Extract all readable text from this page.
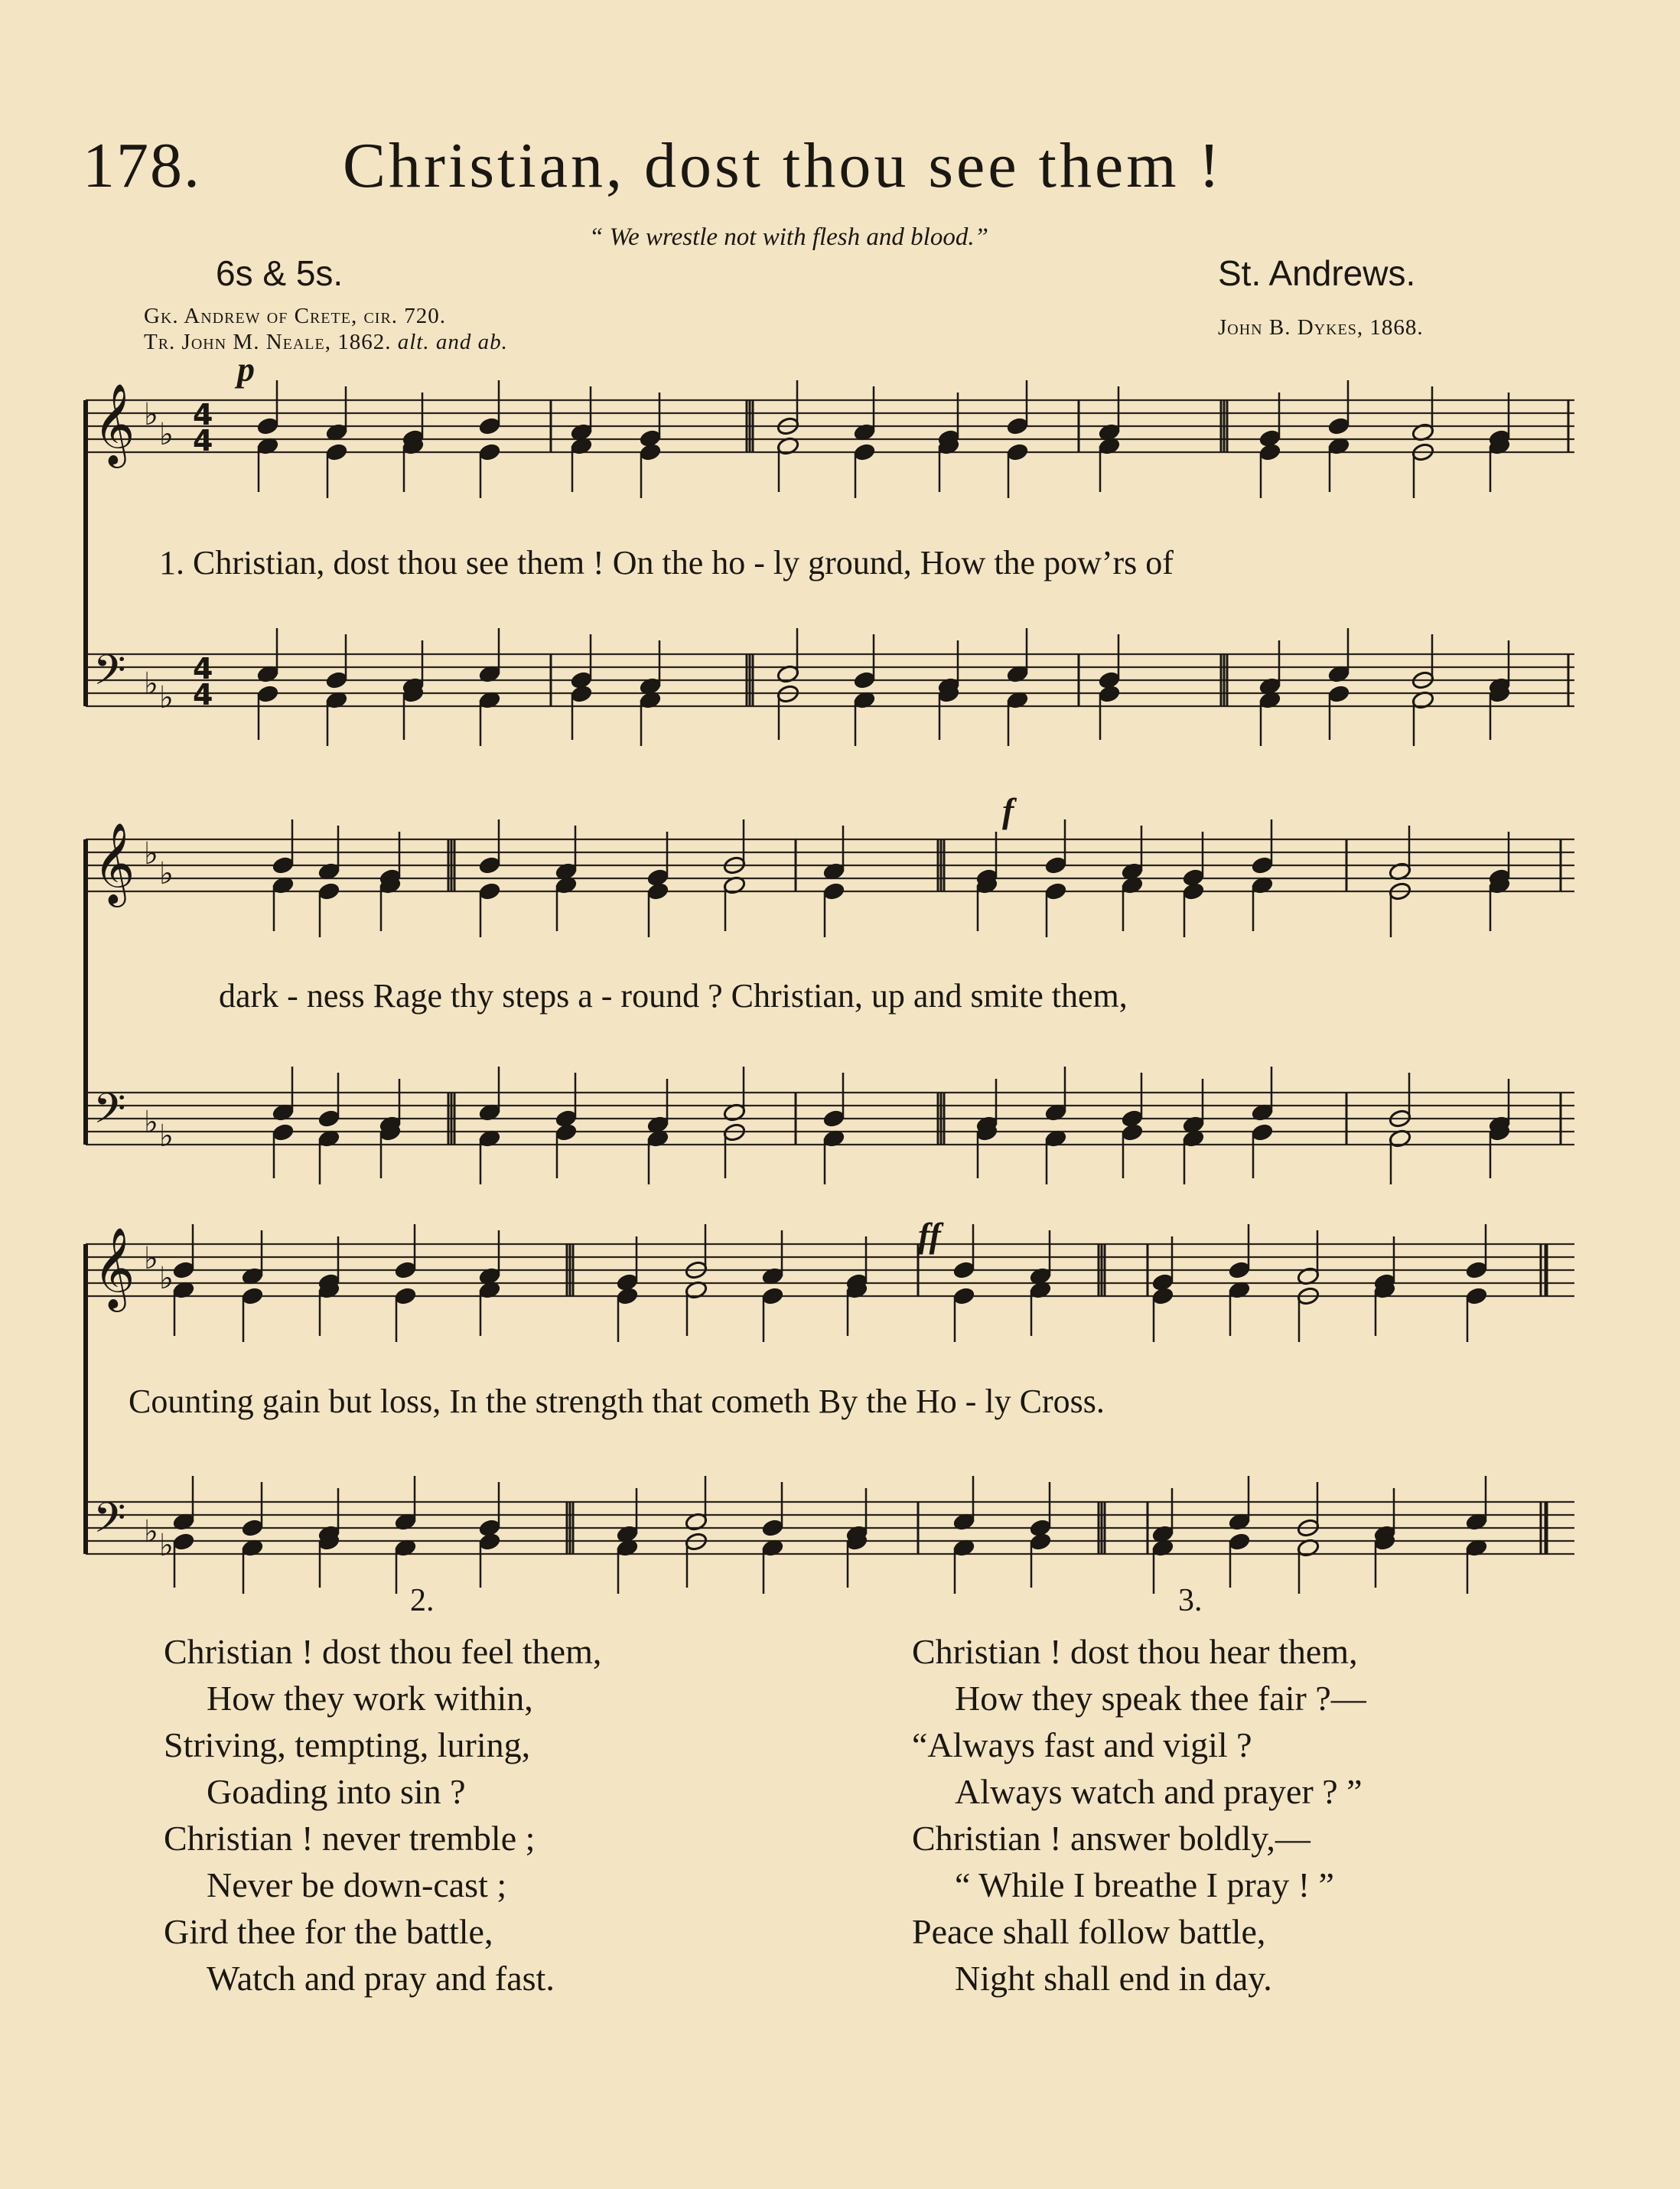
178. Christian, dost thou see them !
“ We wrestle not with flesh and blood.”
6s & 5s.	St. Andrews.
Gk. Andrew of Crete, cir. 720.
Tr. John M. Neale, 1862. alt. and ab.
John B. Dykes, 1868.
𝄞
𝄢
♭
♭
♭ ♭
4
4
4
4
𝄞
𝄢
♭
♭
♭ ♭
𝄞
𝄢
♭
♭
♭ ♭
p
f
ff
1. Christian, dost thou see them ! On the ho - ly ground, How the pow’rs of
dark - ness Rage thy steps a - round ? Christian, up and smite them,
Counting gain but loss, In the strength that cometh By the Ho - ly Cross.
2.
Christian ! dost thou feel them,
How they work within,
Striving, tempting, luring,
Goading into sin ?
Christian ! never tremble ;
Never be down-cast ;
Gird thee for the battle,
Watch and pray and fast.
3.
Christian ! dost thou hear them,
How they speak thee fair ?—
“Always fast and vigil ?
Always watch and prayer ? ”
Christian ! answer boldly,—
“ While I breathe I pray ! ”
Peace shall follow battle,
Night shall end in day.
